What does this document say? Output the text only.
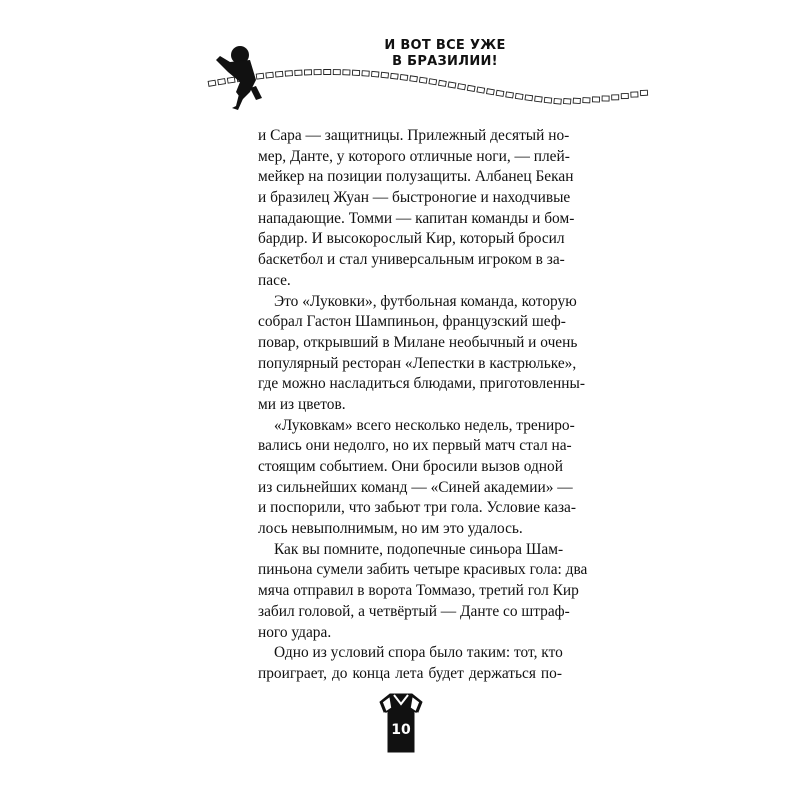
И ВОТ ВСЕ УЖЕ
В БРАЗИЛИИ!
и Сара — защитницы. Прилежный десятый но-
мер, Данте, у которого отличные ноги, — плей-
мейкер на позиции полузащиты. Албанец Бекан
и бразилец Жуан — быстроногие и находчивые
нападающие. Томми — капитан команды и бом-
бардир. И высокорослый Кир, который бросил
баскетбол и стал универсальным игроком в за-
пасе.
Это «Луковки», футбольная команда, которую
собрал Гастон Шампиньон, французский шеф-
повар, открывший в Милане необычный и очень
популярный ресторан «Лепестки в кастрюльке»,
где можно насладиться блюдами, приготовленны-
ми из цветов.
«Луковкам» всего несколько недель, трениро-
вались они недолго, но их первый матч стал на-
стоящим событием. Они бросили вызов одной
из сильнейших команд — «Синей академии» —
и поспорили, что забьют три гола. Условие каза-
лось невыполнимым, но им это удалось.
Как вы помните, подопечные синьора Шам-
пиньона сумели забить четыре красивых гола: два
мяча отправил в ворота Томмазо, третий гол Кир
забил головой, а четвёртый — Данте со штраф-
ного удара.
Одно из условий спора было таким: тот, кто
проиграет, до конца лета будет держаться по-
10
